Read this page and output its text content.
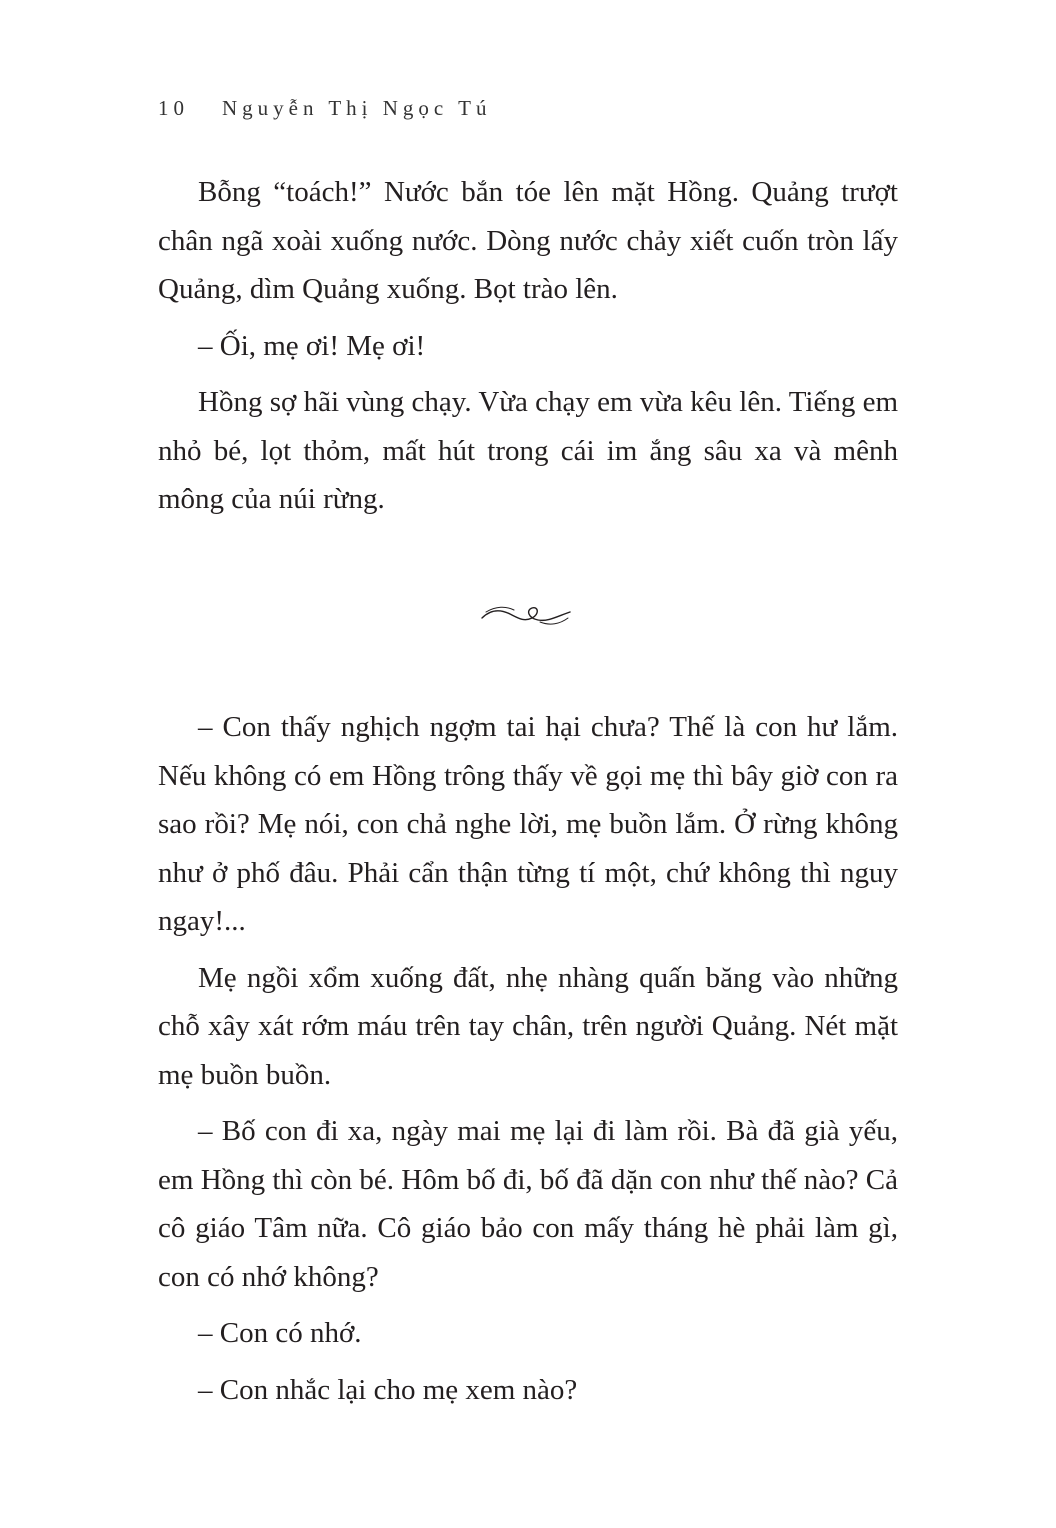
10 Nguyễn Thị Ngọc Tú

Bỗng “toách!” Nước bắn tóe lên mặt Hồng. Quảng trượt chân ngã xoài xuống nước. Dòng nước chảy xiết cuốn tròn lấy Quảng, dìm Quảng xuống. Bọt trào lên.

– Ối, mẹ ơi! Mẹ ơi!

Hồng sợ hãi vùng chạy. Vừa chạy em vừa kêu lên. Tiếng em nhỏ bé, lọt thỏm, mất hút trong cái im ắng sâu xa và mênh mông của núi rừng.

– Con thấy nghịch ngợm tai hại chưa? Thế là con hư lắm. Nếu không có em Hồng trông thấy về gọi mẹ thì bây giờ con ra sao rồi? Mẹ nói, con chả nghe lời, mẹ buồn lắm. Ở rừng không như ở phố đâu. Phải cẩn thận từng tí một, chứ không thì nguy ngay!...

Mẹ ngồi xổm xuống đất, nhẹ nhàng quấn băng vào những chỗ xây xát rớm máu trên tay chân, trên người Quảng. Nét mặt mẹ buồn buồn.

– Bố con đi xa, ngày mai mẹ lại đi làm rồi. Bà đã già yếu, em Hồng thì còn bé. Hôm bố đi, bố đã dặn con như thế nào? Cả cô giáo Tâm nữa. Cô giáo bảo con mấy tháng hè phải làm gì, con có nhớ không?

– Con có nhớ.

– Con nhắc lại cho mẹ xem nào?
